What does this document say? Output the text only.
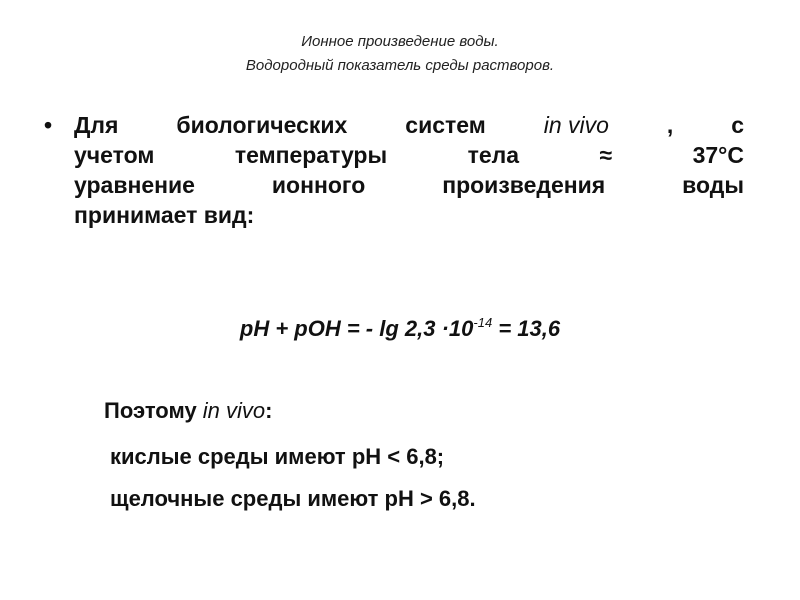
Ионное произведение воды.
Водородный показатель среды растворов.
• Для	биологических	систем	in vivo	,	с
учетом	температуры	тела	≈	37°С
уравнение	ионного	произведения	воды
принимает вид:
pH + pOH = - $\lg 2,3 \cdot 10^{-14} = 13,6$
Поэтому in vivo:
кислые среды имеют pH < 6,8;
щелочные среды имеют pH > 6,8.
